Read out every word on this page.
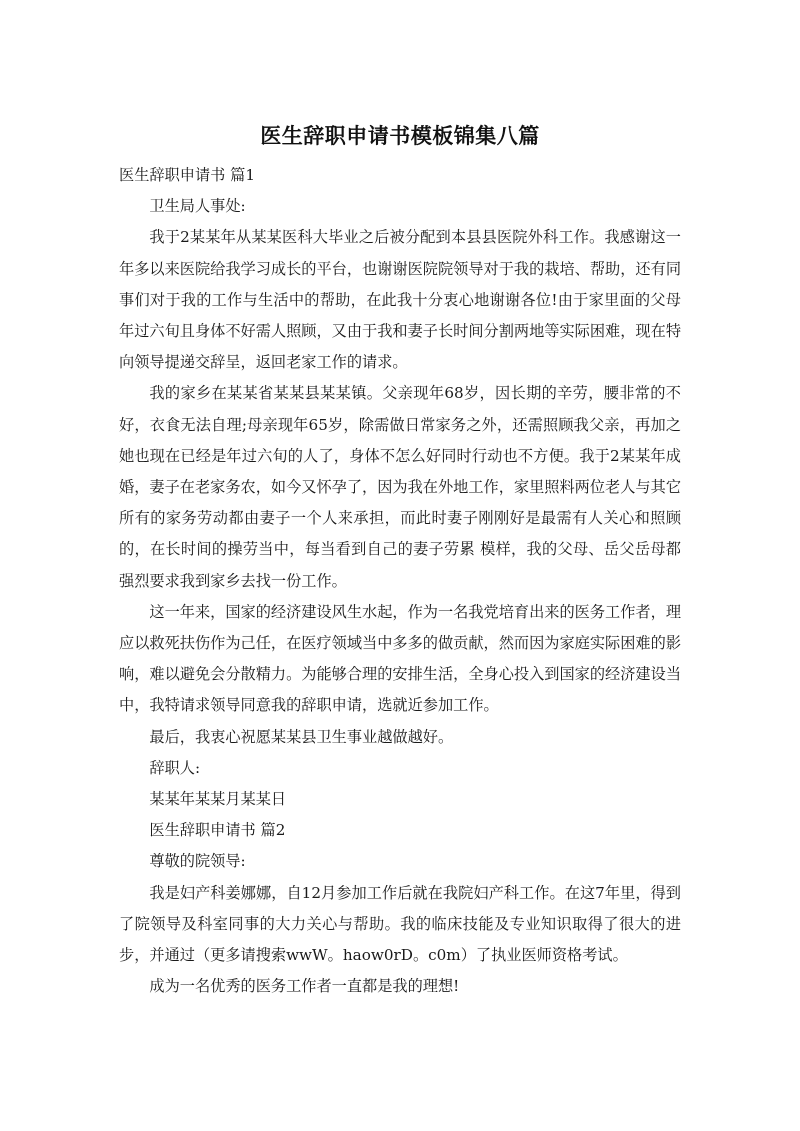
医生辞职申请书模板锦集八篇

医生辞职申请书 篇1

卫生局人事处:

我于2某某年从某某医科大毕业之后被分配到本县县医院外科工作。我感谢这一年多以来医院给我学习成长的平台，也谢谢医院院领导对于我的栽培、帮助，还有同事们对于我的工作与生活中的帮助，在此我十分衷心地谢谢各位!由于家里面的父母年过六旬且身体不好需人照顾，又由于我和妻子长时间分割两地等实际困难，现在特向领导提递交辞呈，返回老家工作的请求。

我的家乡在某某省某某县某某镇。父亲现年68岁，因长期的辛劳，腰非常的不好，衣食无法自理;母亲现年65岁，除需做日常家务之外，还需照顾我父亲，再加之她也现在已经是年过六旬的人了，身体不怎么好同时行动也不方便。我于2某某年成婚，妻子在老家务农，如今又怀孕了，因为我在外地工作，家里照料两位老人与其它所有的家务劳动都由妻子一个人来承担，而此时妻子刚刚好是最需有人关心和照顾的，在长时间的操劳当中，每当看到自己的妻子劳累 模样，我的父母、岳父岳母都强烈要求我到家乡去找一份工作。

这一年来，国家的经济建设风生水起，作为一名我党培育出来的医务工作者，理应以救死扶伤作为己任，在医疗领域当中多多的做贡献，然而因为家庭实际困难的影响，难以避免会分散精力。为能够合理的安排生活，全身心投入到国家的经济建设当中，我特请求领导同意我的辞职申请，选就近参加工作。

最后，我衷心祝愿某某县卫生事业越做越好。

辞职人:

某某年某某月某某日

医生辞职申请书 篇2

尊敬的院领导:

我是妇产科姜娜娜，自12月参加工作后就在我院妇产科工作。在这7年里，得到了院领导及科室同事的大力关心与帮助。我的临床技能及专业知识取得了很大的进步，并通过（更多请搜索wwW。haow0rD。c0m）了执业医师资格考试。

成为一名优秀的医务工作者一直都是我的理想!
